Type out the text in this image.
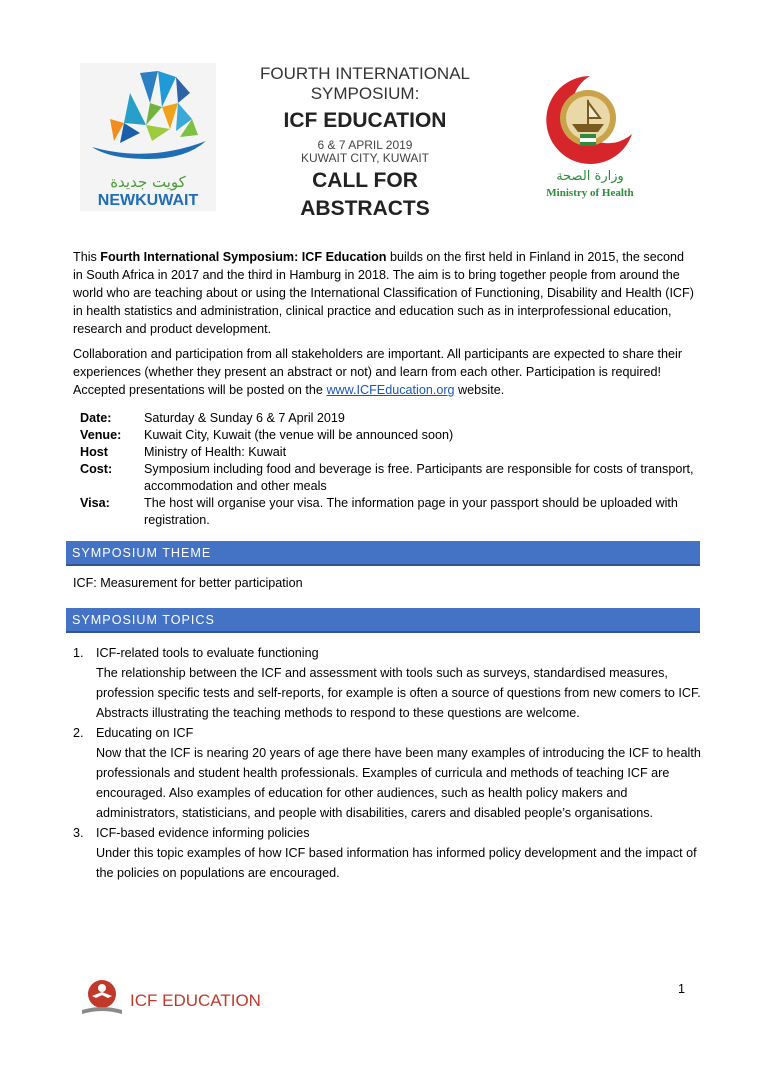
كويت جديدة
NEWKUWAIT
FOURTH INTERNATIONAL
SYMPOSIUM:
ICF EDUCATION
6 & 7 APRIL 2019
KUWAIT CITY, KUWAIT
CALL FOR
ABSTRACTS
وزارة الصحة
Ministry of Health
This Fourth International Symposium: ICF Education builds on the first held in Finland in 2015, the second in South Africa in 2017 and the third in Hamburg in 2018. The aim is to bring together people from around the world who are teaching about or using the International Classification of Functioning, Disability and Health (ICF) in health statistics and administration, clinical practice and education such as in interprofessional education, research and product development.
Collaboration and participation from all stakeholders are important. All participants are expected to share their experiences (whether they present an abstract or not) and learn from each other. Participation is required! Accepted presentations will be posted on the www.ICFEducation.org website.
Date:	Saturday & Sunday 6 & 7 April 2019
Venue:	Kuwait City, Kuwait (the venue will be announced soon)
Host	Ministry of Health: Kuwait
Cost:	Symposium including food and beverage is free. Participants are responsible for costs of transport, accommodation and other meals
Visa:	The host will organise your visa. The information page in your passport should be uploaded with registration.
SYMPOSIUM THEME
ICF: Measurement for better participation
SYMPOSIUM TOPICS
1. ICF-related tools to evaluate functioning
The relationship between the ICF and assessment with tools such as surveys, standardised measures, profession specific tests and self-reports, for example is often a source of questions from new comers to ICF. Abstracts illustrating the teaching methods to respond to these questions are welcome.
2. Educating on ICF
Now that the ICF is nearing 20 years of age there have been many examples of introducing the ICF to health professionals and student health professionals. Examples of curricula and methods of teaching ICF are encouraged. Also examples of education for other audiences, such as health policy makers and administrators, statisticians, and people with disabilities, carers and disabled people’s organisations.
3. ICF-based evidence informing policies
Under this topic examples of how ICF based information has informed policy development and the impact of the policies on populations are encouraged.
ICF EDUCATION
1
